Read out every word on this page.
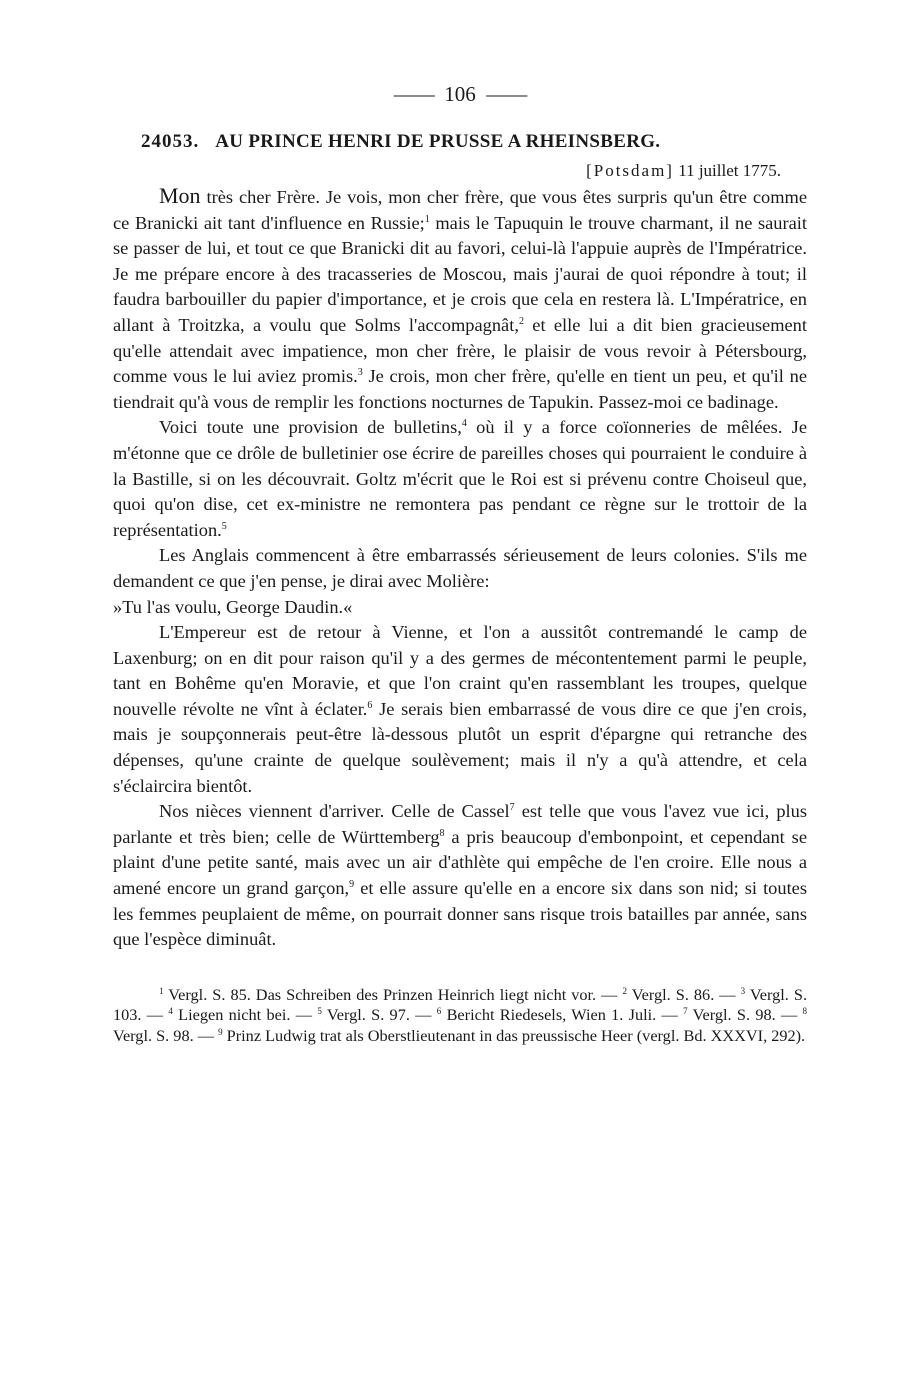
—— 106 ——
24053. AU PRINCE HENRI DE PRUSSE A RHEINSBERG.
[Potsdam] 11 juillet 1775.

Mon très cher Frère. Je vois, mon cher frère, que vous êtes surpris qu'un être comme ce Branicki ait tant d'influence en Russie;$^1$ mais le Tapuquin le trouve charmant, il ne saurait se passer de lui, et tout ce que Branicki dit au favori, celui-là l'appuie auprès de l'Impératrice. Je me prépare encore à des tracasseries de Moscou, mais j'aurai de quoi répondre à tout; il faudra barbouiller du papier d'importance, et je crois que cela en restera là. L'Impératrice, en allant à Troitzka, a voulu que Solms l'accompagnât,$^2$ et elle lui a dit bien gracieusement qu'elle attendait avec impatience, mon cher frère, le plaisir de vous revoir à Pétersbourg, comme vous le lui aviez promis.$^3$ Je crois, mon cher frère, qu'elle en tient un peu, et qu'il ne tiendrait qu'à vous de remplir les fonctions nocturnes de Tapukin. Passez-moi ce badinage.

Voici toute une provision de bulletins,$^4$ où il y a force coïonneries de mêlées. Je m'étonne que ce drôle de bulletinier ose écrire de pareilles choses qui pourraient le conduire à la Bastille, si on les découvrait. Goltz m'écrit que le Roi est si prévenu contre Choiseul que, quoi qu'on dise, cet ex-ministre ne remontera pas pendant ce règne sur le trottoir de la représentation.$^5$

Les Anglais commencent à être embarrassés sérieusement de leurs colonies. S'ils me demandent ce que j'en pense, je dirai avec Molière:

»Tu l'as voulu, George Daudin.«

L'Empereur est de retour à Vienne, et l'on a aussitôt contremandé le camp de Laxenburg; on en dit pour raison qu'il y a des germes de mécontentement parmi le peuple, tant en Bohême qu'en Moravie, et que l'on craint qu'en rassemblant les troupes, quelque nouvelle révolte ne vînt à éclater.$^6$ Je serais bien embarrassé de vous dire ce que j'en crois, mais je soupçonnerais peut-être là-dessous plutôt un esprit d'épargne qui retranche des dépenses, qu'une crainte de quelque soulèvement; mais il n'y a qu'à attendre, et cela s'éclaircira bientôt.

Nos nièces viennent d'arriver. Celle de Cassel$^7$ est telle que vous l'avez vue ici, plus parlante et très bien; celle de Württemberg$^8$ a pris beaucoup d'embonpoint, et cependant se plaint d'une petite santé, mais avec un air d'athlète qui empêche de l'en croire. Elle nous a amené encore un grand garçon,$^9$ et elle assure qu'elle en a encore six dans son nid; si toutes les femmes peuplaient de même, on pourrait donner sans risque trois batailles par année, sans que l'espèce diminuât.

$^1$ Vergl. S. 85. Das Schreiben des Prinzen Heinrich liegt nicht vor. — $^2$ Vergl. S. 86. — $^3$ Vergl. S. 103. — $^4$ Liegen nicht bei. — $^5$ Vergl. S. 97. — $^6$ Bericht Riedesels, Wien 1. Juli. — $^7$ Vergl. S. 98. — $^8$ Vergl. S. 98. — $^9$ Prinz Ludwig trat als Oberstlieutenant in das preussische Heer (vergl. Bd. XXXVI, 292).
